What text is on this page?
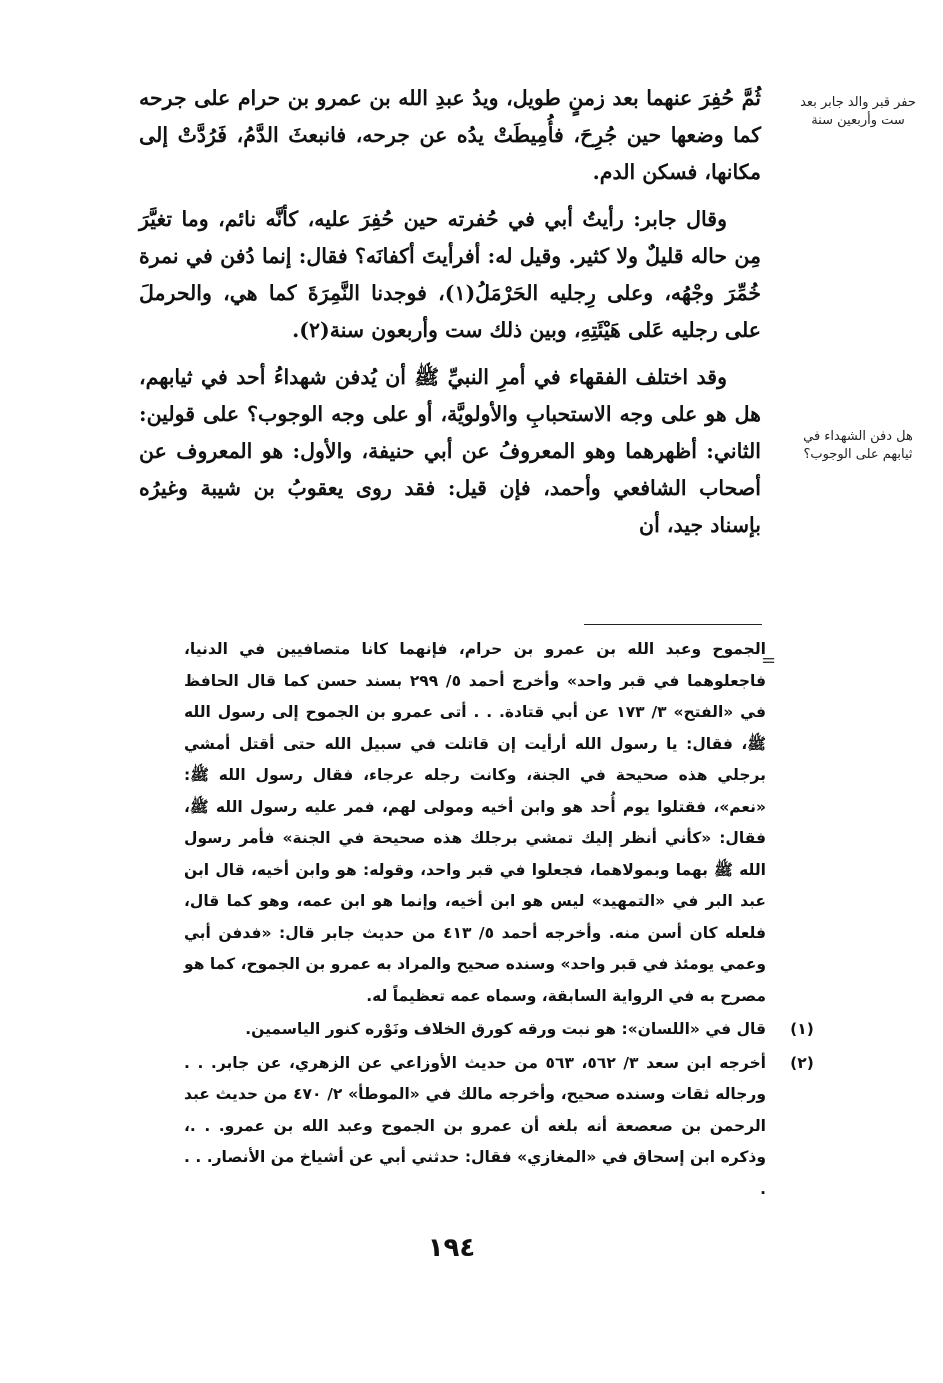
حفر قبر والد جابر بعد ست وأربعين سنة
هل دفن الشهداء في ثيابهم على الوجوب؟

ثُمَّ حُفِرَ عنهما بعد زمنٍ طويل، ويدُ عبدِ الله بن عمرو بن حرام على جرحه كما وضعها حين جُرِحَ، فأُمِيطَتْ يدُه عن جرحه، فانبعثَ الدَّمُ، فَرُدَّتْ إلى مكانها، فسكن الدم.

وقال جابر: رأيتُ أبي في حُفرته حين حُفِرَ عليه، كأنَّه نائم، وما تغيَّرَ مِن حاله قليلٌ ولا كثير. وقيل له: أفرأيتَ أكفانَه؟ فقال: إنما دُفن في نمرة خُمِّرَ وجْهُه، وعلى رِجليه الحَرْمَلُ(١)، فوجدنا النَّمِرَةَ كما هي، والحرملَ على رجليه عَلى هَيْئَتِهِ، وبين ذلك ست وأربعون سنة(٢).

وقد اختلف الفقهاء في أمرِ النبيِّ ﷺ أن يُدفن شهداءُ أحد في ثيابهم، هل هو على وجه الاستحبابِ والأولويَّة، أو على وجه الوجوب؟ على قولين: الثاني: أظهرهما وهو المعروفُ عن أبي حنيفة، والأول: هو المعروف عن أصحاب الشافعي وأحمد، فإن قيل: فقد روى يعقوبُ بن شيبة وغيرُه بإسناد جيد، أن

=
الجموح وعبد الله بن عمرو بن حرام، فإنهما كانا متصافيين في الدنيا، فاجعلوهما في قبر واحد» وأخرج أحمد ٥/ ٢٩٩ بسند حسن كما قال الحافظ في «الفتح» ٣/ ١٧٣ عن أبي قتادة. . . أتى عمرو بن الجموح إلى رسول الله ﷺ، فقال: يا رسول الله أرأيت إن قاتلت في سبيل الله حتى أقتل أمشي برجلي هذه صحيحة في الجنة، وكانت رجله عرجاء، فقال رسول الله ﷺ: «نعم»، فقتلوا يوم أُحد هو وابن أخيه ومولى لهم، فمر عليه رسول الله ﷺ، فقال: «كأني أنظر إليك تمشي برجلك هذه صحيحة في الجنة» فأمر رسول الله ﷺ بهما وبمولاهما، فجعلوا في قبر واحد، وقوله: هو وابن أخيه، قال ابن عبد البر في «التمهيد» ليس هو ابن أخيه، وإنما هو ابن عمه، وهو كما قال، فلعله كان أسن منه. وأخرجه أحمد ٥/ ٤١٣ من حديث جابر قال: «فدفن أبي وعمي يومئذ في قبر واحد» وسنده صحيح والمراد به عمرو بن الجموح، كما هو مصرح به في الرواية السابقة، وسماه عمه تعظيماً له.
(١)
قال في «اللسان»: هو نبت ورقه كورق الخلاف ونَوْره كنور الياسمين.
(٢)
أخرجه ابن سعد ٣/ ٥٦٢، ٥٦٣ من حديث الأوزاعي عن الزهري، عن جابر. . . ورجاله ثقات وسنده صحيح، وأخرجه مالك في «الموطأ» ٢/ ٤٧٠ من حديث عبد الرحمن بن صعصعة أنه بلغه أن عمرو بن الجموح وعبد الله بن عمرو. . .، وذكره ابن إسحاق في «المغازي» فقال: حدثني أبي عن أشياخ من الأنصار. . . .
١٩٤
